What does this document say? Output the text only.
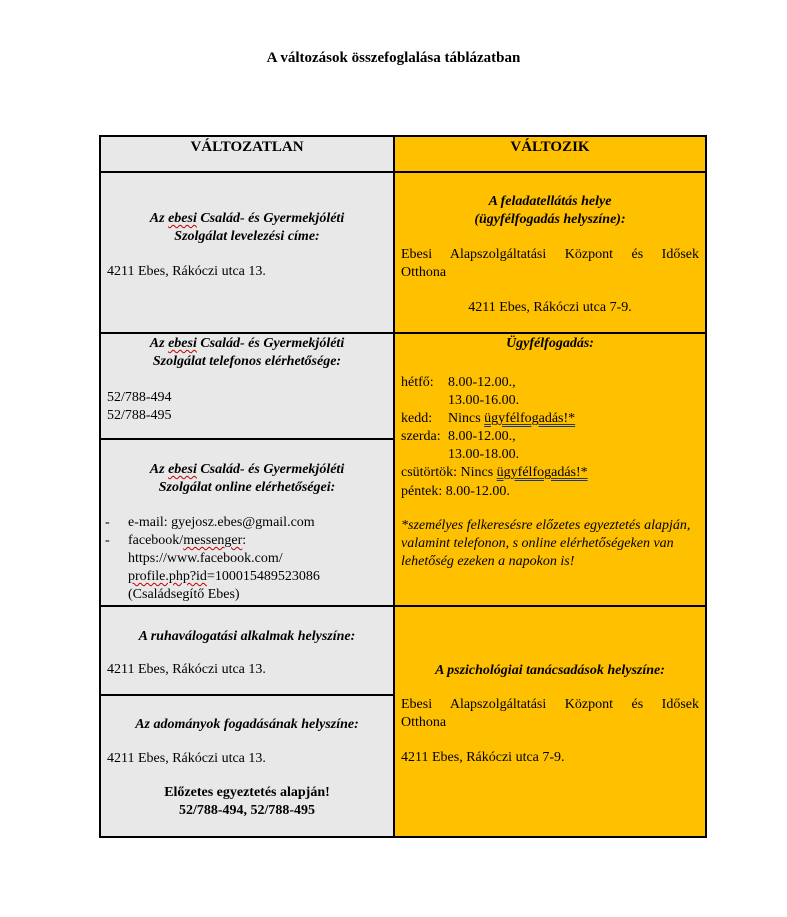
A változások összefoglalása táblázatban
VÁLTOZATLAN	VÁLTOZIK
Az ebesi Család- és Gyermekjóléti
Szolgálat levelezési címe:
4211 Ebes, Rákóczi utca 13.
Az ebesi Család- és Gyermekjóléti
Szolgálat telefonos elérhetősége:
52/788-494
52/788-495
Az ebesi Család- és Gyermekjóléti
Szolgálat online elérhetőségei:
- e-mail: gyejosz.ebes@gmail.com
- facebook/messenger:
https://www.facebook.com/
profile.php?id=100015489523086
(Családsegítő Ebes)
A ruhaválogatási alkalmak helyszíne:
4211 Ebes, Rákóczi utca 13.
Az adományok fogadásának helyszíne:
4211 Ebes, Rákóczi utca 13.
Előzetes egyeztetés alapján!
52/788-494, 52/788-495
A feladatellátás helye
(ügyfélfogadás helyszíne):
Ebesi Alapszolgáltatási Központ és Idősek
Otthona
4211 Ebes, Rákóczi utca 7-9.
Ügyfélfogadás:
hétfő: 8.00-12.00.,
13.00-16.00.
kedd: Nincs ügyfélfogadás!*
szerda: 8.00-12.00.,
13.00-18.00.
csütörtök: Nincs ügyfélfogadás!*
péntek: 8.00-12.00.
*személyes felkeresésre előzetes egyeztetés alapján, valamint telefonon, s online elérhetőségeken van lehetőség ezeken a napokon is!
A pszichológiai tanácsadások helyszíne:
Ebesi Alapszolgáltatási Központ és Idősek
Otthona
4211 Ebes, Rákóczi utca 7-9.
